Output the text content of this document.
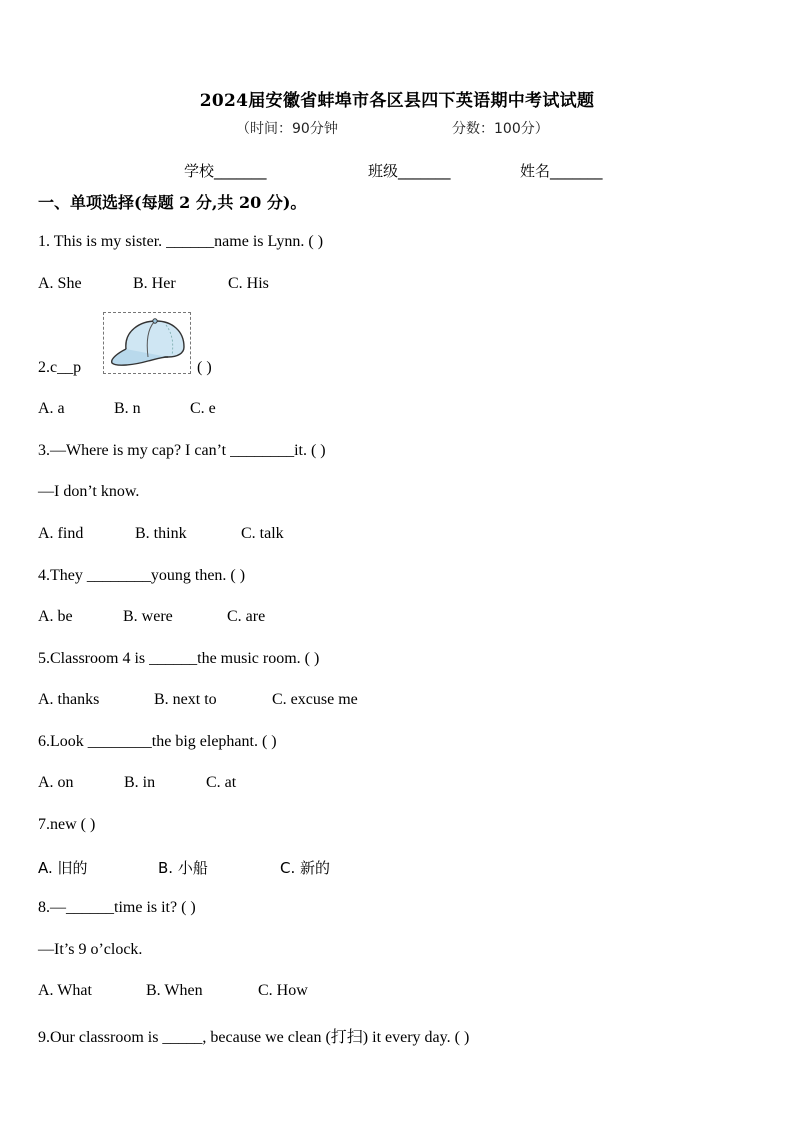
2024届安徽省蚌埠市各区县四下英语期中考试试题
（时间：90分钟	分数：100分）
学校_______	班级_______	姓名_______
一、单项选择(每题 2 分,共 20 分)。
1. This is my sister. ______name is Lynn. ( )
A. She	B. Her	C. His
2.c__p	( )
A. a	B. n	C. e
3.—Where is my cap? I can’t ________it. ( )
—I don’t know.
A. find	B. think	C. talk
4.They ________young then. ( )
A. be	B. were	C. are
5.Classroom 4 is ______the music room. ( )
A. thanks	B. next to	C. excuse me
6.Look ________the big elephant. ( )
A. on	B. in	C. at
7.new ( )
A. 旧的	B. 小船	C. 新的
8.—______time is it? ( )
—It’s 9 o’clock.
A. What	B. When	C. How
9.Our classroom is _____, because we clean (打扫) it every day. ( )
